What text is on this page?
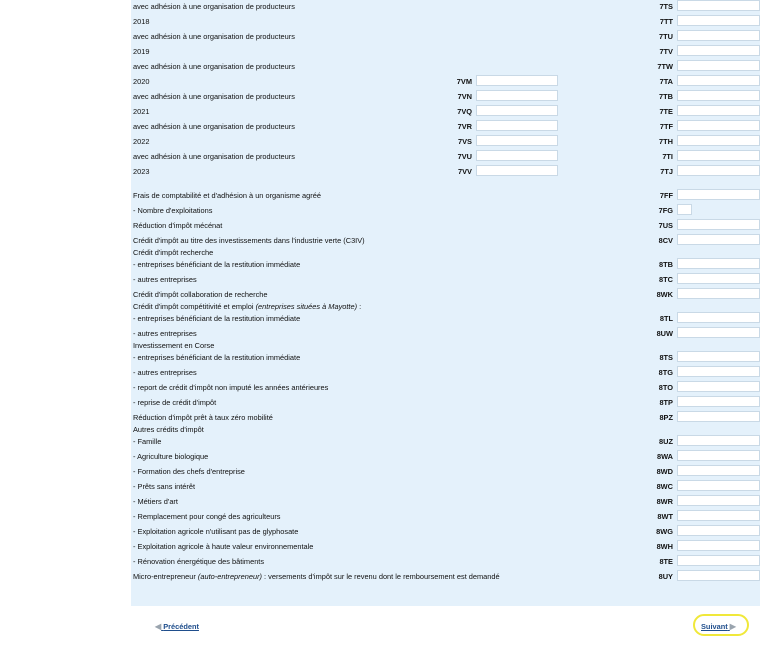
avec adhésion à une organisation de producteurs	7TS
2018	7TT
avec adhésion à une organisation de producteurs	7TU
2019	7TV
avec adhésion à une organisation de producteurs	7TW
2020	7VM	7TA
avec adhésion à une organisation de producteurs	7VN	7TB
2021	7VQ	7TE
avec adhésion à une organisation de producteurs	7VR	7TF
2022	7VS	7TH
avec adhésion à une organisation de producteurs	7VU	7TI
2023	7VV	7TJ
Frais de comptabilité et d'adhésion à un organisme agréé	7FF
- Nombre d'exploitations	7FG
Réduction d'impôt mécénat	7US
Crédit d'impôt au titre des investissements dans l'industrie verte (C3IV)	8CV
Crédit d'impôt recherche
- entreprises bénéficiant de la restitution immédiate	8TB
- autres entreprises	8TC
Crédit d'impôt collaboration de recherche	8WK
Crédit d'impôt compétitivité et emploi (entreprises situées à Mayotte) :
- entreprises bénéficiant de la restitution immédiate	8TL
- autres entreprises	8UW
Investissement en Corse
- entreprises bénéficiant de la restitution immédiate	8TS
- autres entreprises	8TG
- report de crédit d'impôt non imputé les années antérieures	8TO
- reprise de crédit d'impôt	8TP
Réduction d'impôt prêt à taux zéro mobilité	8PZ
Autres crédits d'impôt
- Famille	8UZ
- Agriculture biologique	8WA
- Formation des chefs d'entreprise	8WD
- Prêts sans intérêt	8WC
- Métiers d'art	8WR
- Remplacement pour congé des agriculteurs	8WT
- Exploitation agricole n'utilisant pas de glyphosate	8WG
- Exploitation agricole à haute valeur environnementale	8WH
- Rénovation énergétique des bâtiments	8TE
Micro-entrepreneur (auto-entrepreneur) : versements d'impôt sur le revenu dont le remboursement est demandé	8UY
◀ Précédent	Suivant ▶
